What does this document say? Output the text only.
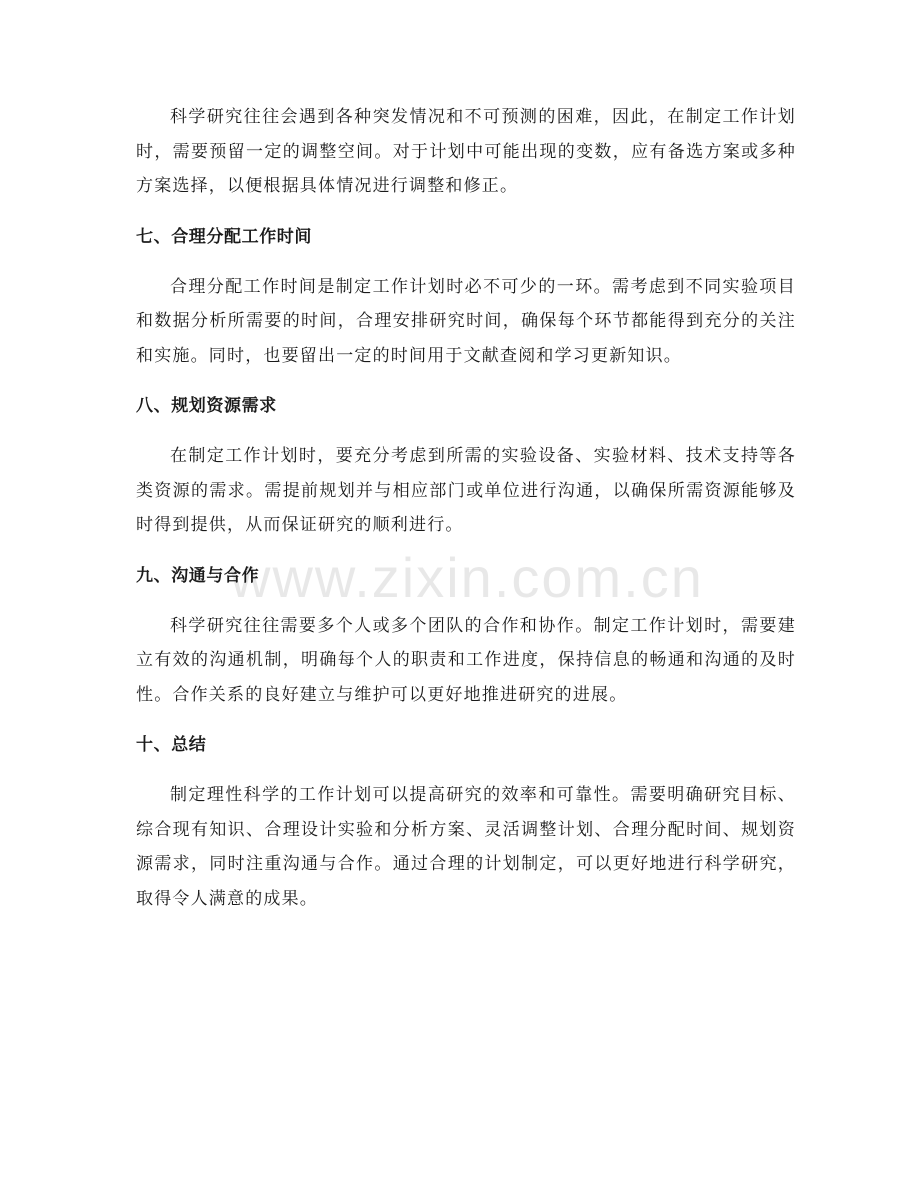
科学研究往往会遇到各种突发情况和不可预测的困难，因此，在制定工作计划时，需要预留一定的调整空间。对于计划中可能出现的变数，应有备选方案或多种方案选择，以便根据具体情况进行调整和修正。

七、合理分配工作时间

合理分配工作时间是制定工作计划时必不可少的一环。需考虑到不同实验项目和数据分析所需要的时间，合理安排研究时间，确保每个环节都能得到充分的关注和实施。同时，也要留出一定的时间用于文献查阅和学习更新知识。

八、规划资源需求

在制定工作计划时，要充分考虑到所需的实验设备、实验材料、技术支持等各类资源的需求。需提前规划并与相应部门或单位进行沟通，以确保所需资源能够及时得到提供，从而保证研究的顺利进行。

九、沟通与合作

科学研究往往需要多个人或多个团队的合作和协作。制定工作计划时，需要建立有效的沟通机制，明确每个人的职责和工作进度，保持信息的畅通和沟通的及时性。合作关系的良好建立与维护可以更好地推进研究的进展。

十、总结

制定理性科学的工作计划可以提高研究的效率和可靠性。需要明确研究目标、综合现有知识、合理设计实验和分析方案、灵活调整计划、合理分配时间、规划资源需求，同时注重沟通与合作。通过合理的计划制定，可以更好地进行科学研究，取得令人满意的成果。

www.zixin.com.cn
